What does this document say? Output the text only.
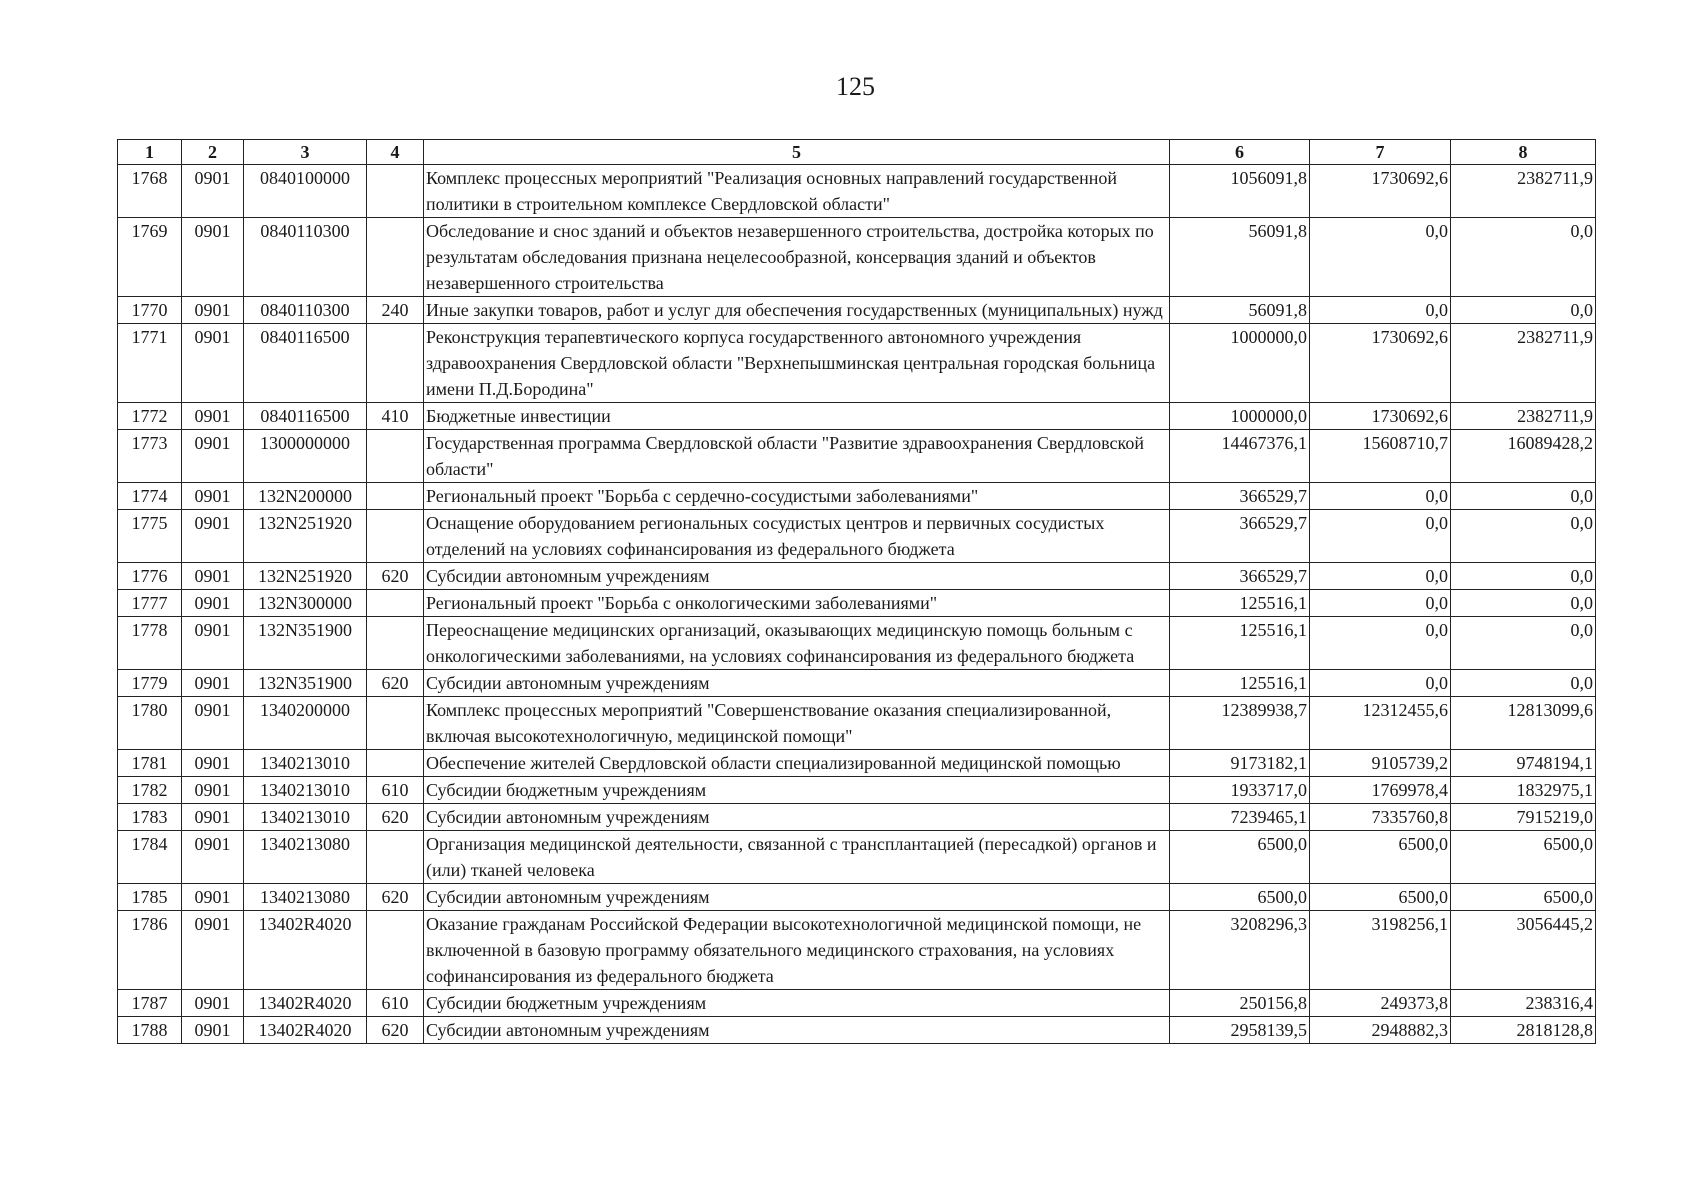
125
1	2	3	4	5	6	7	8
1768	0901	0840100000		Комплекс процессных мероприятий "Реализация основных направлений государственной политики в строительном комплексе Свердловской области"	1056091,8	1730692,6	2382711,9
1769	0901	0840110300		Обследование и снос зданий и объектов незавершенного строительства, достройка которых по результатам обследования признана нецелесообразной, консервация зданий и объектов незавершенного строительства	56091,8	0,0	0,0
1770	0901	0840110300	240	Иные закупки товаров, работ и услуг для обеспечения государственных (муниципальных) нужд	56091,8	0,0	0,0
1771	0901	0840116500		Реконструкция терапевтического корпуса государственного автономного учреждения здравоохранения Свердловской области "Верхнепышминская центральная городская больница имени П.Д.Бородина"	1000000,0	1730692,6	2382711,9
1772	0901	0840116500	410	Бюджетные инвестиции	1000000,0	1730692,6	2382711,9
1773	0901	1300000000		Государственная программа Свердловской области "Развитие здравоохранения Свердловской области"	14467376,1	15608710,7	16089428,2
1774	0901	132N200000		Региональный проект "Борьба с сердечно-сосудистыми заболеваниями"	366529,7	0,0	0,0
1775	0901	132N251920		Оснащение оборудованием региональных сосудистых центров и первичных сосудистых отделений на условиях софинансирования из федерального бюджета	366529,7	0,0	0,0
1776	0901	132N251920	620	Субсидии автономным учреждениям	366529,7	0,0	0,0
1777	0901	132N300000		Региональный проект "Борьба с онкологическими заболеваниями"	125516,1	0,0	0,0
1778	0901	132N351900		Переоснащение медицинских организаций, оказывающих медицинскую помощь больным с онкологическими заболеваниями, на условиях софинансирования из федерального бюджета	125516,1	0,0	0,0
1779	0901	132N351900	620	Субсидии автономным учреждениям	125516,1	0,0	0,0
1780	0901	1340200000		Комплекс процессных мероприятий "Совершенствование оказания специализированной, включая высокотехнологичную, медицинской помощи"	12389938,7	12312455,6	12813099,6
1781	0901	1340213010		Обеспечение жителей Свердловской области специализированной медицинской помощью	9173182,1	9105739,2	9748194,1
1782	0901	1340213010	610	Субсидии бюджетным учреждениям	1933717,0	1769978,4	1832975,1
1783	0901	1340213010	620	Субсидии автономным учреждениям	7239465,1	7335760,8	7915219,0
1784	0901	1340213080		Организация медицинской деятельности, связанной с трансплантацией (пересадкой) органов и (или) тканей человека	6500,0	6500,0	6500,0
1785	0901	1340213080	620	Субсидии автономным учреждениям	6500,0	6500,0	6500,0
1786	0901	13402R4020		Оказание гражданам Российской Федерации высокотехнологичной медицинской помощи, не включенной в базовую программу обязательного медицинского страхования, на условиях софинансирования из федерального бюджета	3208296,3	3198256,1	3056445,2
1787	0901	13402R4020	610	Субсидии бюджетным учреждениям	250156,8	249373,8	238316,4
1788	0901	13402R4020	620	Субсидии автономным учреждениям	2958139,5	2948882,3	2818128,8
